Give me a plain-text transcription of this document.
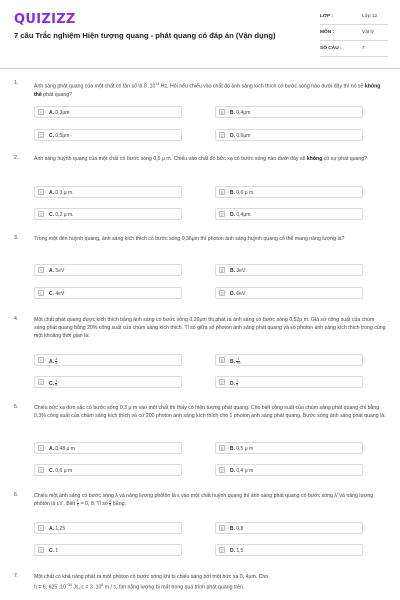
QUIZIZZ
7 câu Trắc nghiệm Hiện tượng quang - phát quang có đáp án (Vận dụng)
LỚP :	Lớp 12
MÔN :	Vật lý
SỐ CÂU :	7
1.
Ánh sáng phát quang của một chất có tần số là 8 $.10^{14}$ Hz. Hỏi nếu chiếu vào chất đó ánh sáng kích thích có bước sóng nào dưới đây thì nó sẽ không thể phát quang?
A	A. 0,3μm	B	B. 0,4μm
C C. 0,5μm	D D. 0,6μm
2.	Ánh sáng huỳnh quang của một chất có bước sóng 0,5 μ m. Chiếu vào chất đó bức xạ có bước sóng nào dưới đây sẽ không có sự phát quang?
A	A. 0,3 μ m.	B	B. 0,6 μ m.
C C. 0,2 μ m.	D D. 0,4μm.
3.	Trong một đèn huỳnh quang, ánh sáng kích thích có bước sóng 0,36μm thì photon ánh sáng huỳnh quang có thể mang năng lượng là?
A	A. 5eV	B	B. 3eV
C C. 4eV	D D. 6eV
4.	Một chất phát quang được kích thích bằng ánh sáng có bước sóng 0,26μm thì phát ra ánh sáng có bước sóng 0,52μ m. Giả sử công suất của chùm sáng phát quang bằng 20% công suất của chùm sáng kích thích. Tỉ số giữa số photon ánh sáng phát quang và số photon ánh sáng kích thích trong cùng một khoảng thời gian là:
A	A. $\frac{4}{5}$	B	B. $\frac{1}{10}$
C C. $\frac{1}{5}$	D D. $\frac{2}{5}$
5.	Chiếu bức xạ đơn sắc có bước sóng 0,3 μ m vào một chất thì thấy có hiện tượng phát quang. Cho biết công suất của chùm sáng phát quang chỉ bằng 0,3% công suất của chùm sáng kích thích và cứ 200 photon ánh sáng kích thích cho 1 photon ánh sáng phát quang. Bước sóng ánh sáng phát quang là:
A	A. 0,48 μ m	B	B. 0,5 μ m
C C. 0,6 μ m	D D. 0,4 μ m
6.	Chiếu một ánh sáng có bước sóng λ và năng lượng phôtôn là ε vào một chất huỳnh quang thì ánh sáng phát quang có bước sóng λ' và năng lượng phôtôn là ε'ε'. Biết $\frac{\lambda'}{\lambda} = 0$, 8. Tỉ số $\frac{\varepsilon}{\varepsilon'}$ bằng:
A	A. 1,25	B	B. 0,8
C C. 1	D D. 1,5
7.	Một chất có khả năng phát ra một photon có bước sóng khi bị chiếu sáng bởi một bức xạ 0, 4μm. Cho
h = 6, 625 $.10^{-34}$ Js, c = 3 $.10^8$ m / s, tìm năng lượng bị mất trong quá trình phát quang trên.
